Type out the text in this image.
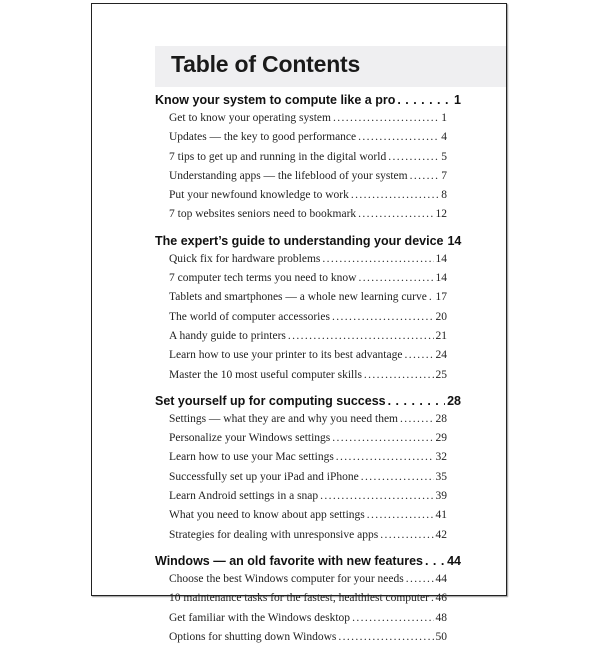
Table of Contents
Know your system to compute like a pro . . .	1
Get to know your operating system . . .	1
Updates — the key to good performance . . .	4
7 tips to get up and running in the digital world . . .	5
Understanding apps — the lifeblood of your system . . .	7
Put your newfound knowledge to work . . .	8
7 top websites seniors need to bookmark . . .	12
The expert’s guide to understanding your device 14
Quick fix for hardware problems . . .	14
7 computer tech terms you need to know . . .	14
Tablets and smartphones — a whole new learning curve . . . 17
The world of computer accessories . . .	20
A handy guide to printers . . .	21
Learn how to use your printer to its best advantage . . .	24
Master the 10 most useful computer skills . . .	25
Set yourself up for computing success . . .	28
Settings — what they are and why you need them . . .	28
Personalize your Windows settings . . .	29
Learn how to use your Mac settings . . .	32
Successfully set up your iPad and iPhone . . .	35
Learn Android settings in a snap . . .	39
What you need to know about app settings . . .	41
Strategies for dealing with unresponsive apps . . .	42
Windows — an old favorite with new features . . . 44
Choose the best Windows computer for your needs . . .	44
10 maintenance tasks for the fastest, healthiest computer . . . 46
Get familiar with the Windows desktop . . .	48
Options for shutting down Windows . . .	50
